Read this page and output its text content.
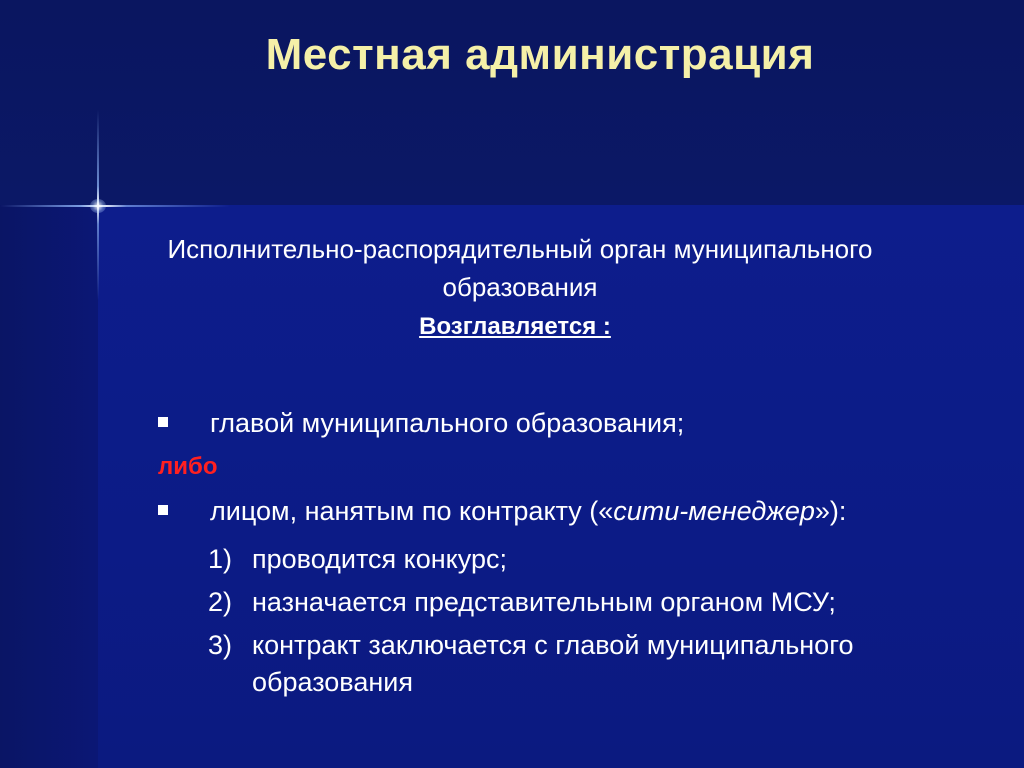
Местная администрация
Исполнительно-распорядительный орган муниципального
образования
Возглавляется :
главой муниципального образования;
либо
лицом, нанятым по контракту («сити-менеджер»):
1) проводится конкурс;
2) назначается представительным органом МСУ;
3) контракт заключается с главой муниципального
образования
